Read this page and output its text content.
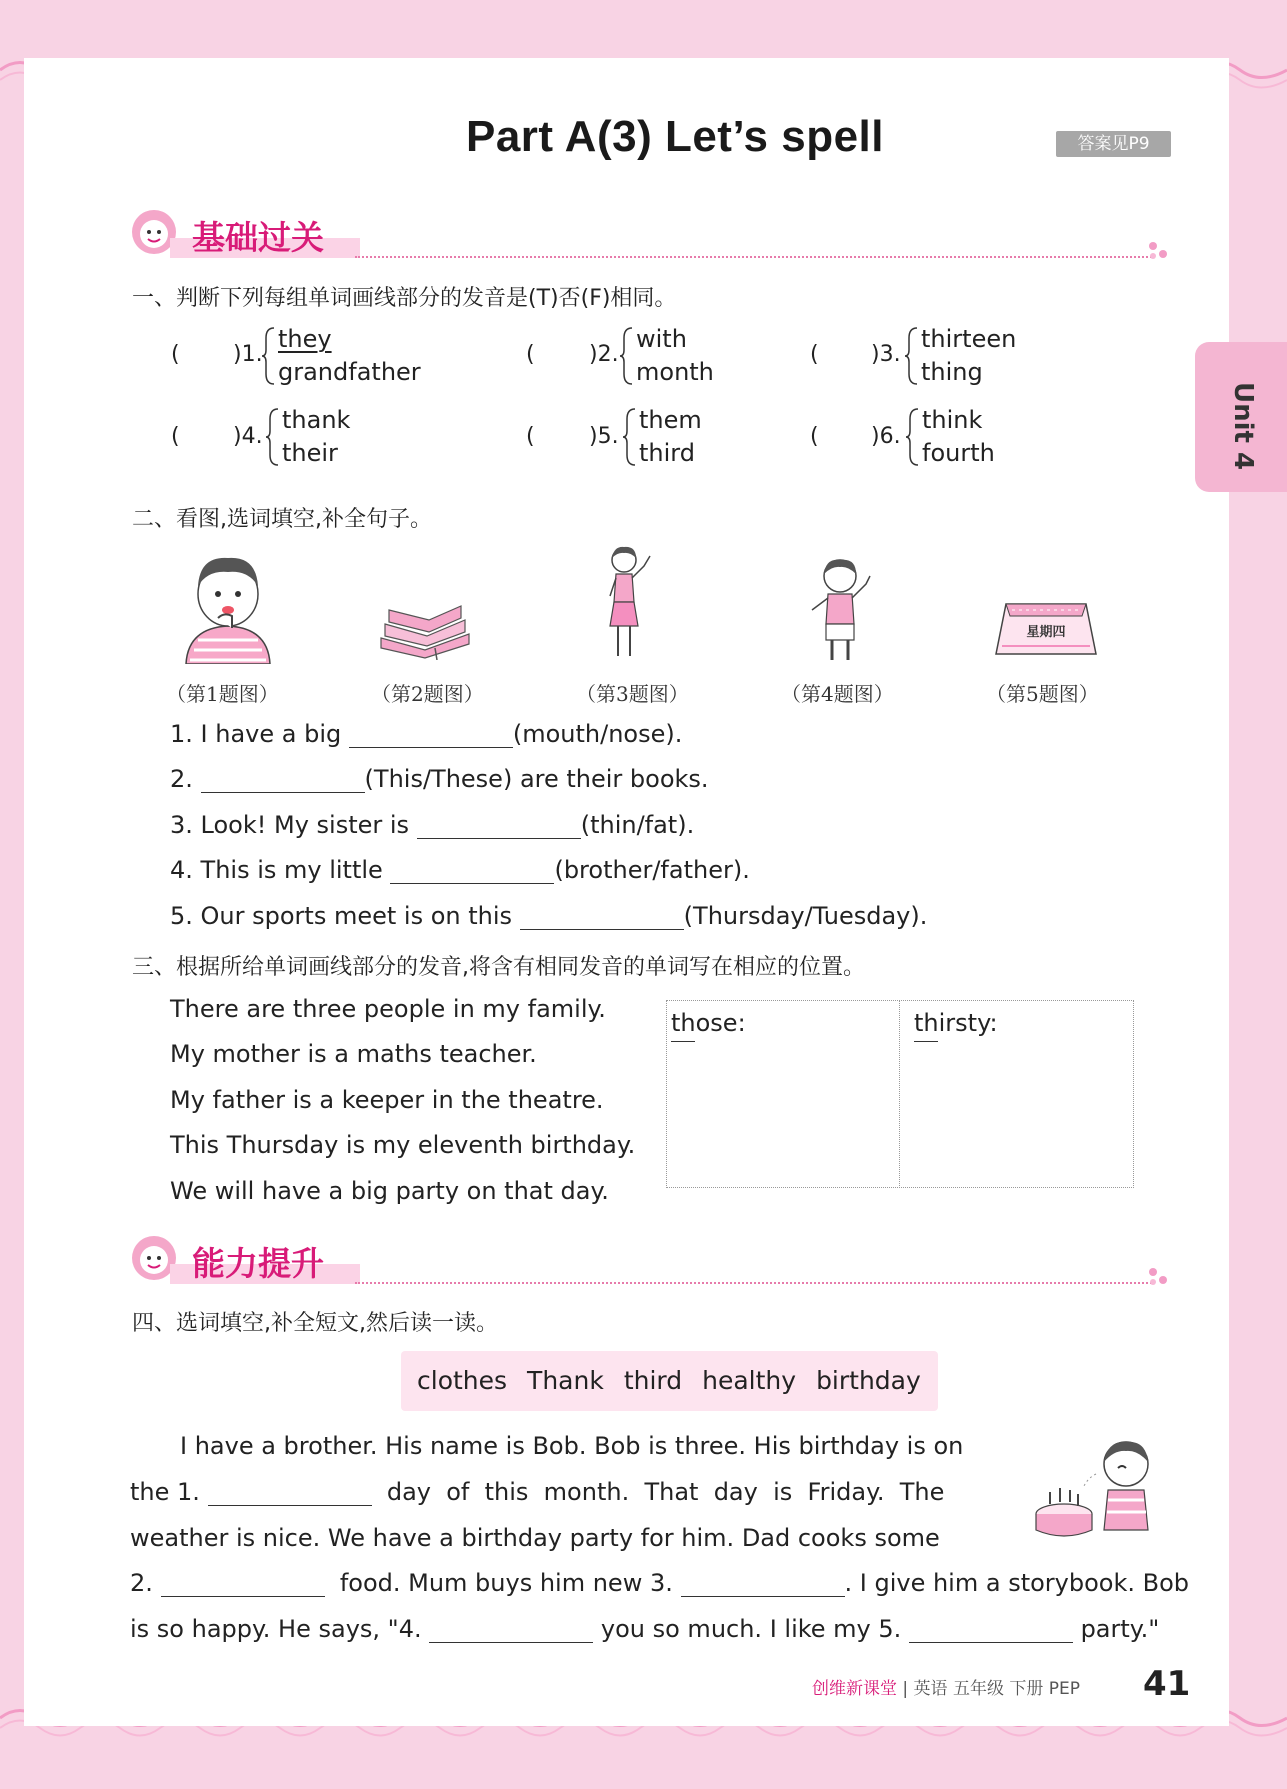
Part A(3) Let’s spell	答案见P9
Unit 4
基础过关
一、判断下列每组单词画线部分的发音是(T)否(F)相同。
( )1.
they
grandfather
( )2.
with
month
( )3.
thirteen
thing
( )4.
thank
their
( )5.
them
third
( )6.
think
fourth
二、看图,选词填空,补全句子。
星期四
（第1题图）	（第2题图）	（第3题图）	（第4题图）	（第5题图）
1. I have a big	(mouth/nose).
2.	(This/These) are their books.
3. Look! My sister is	(thin/fat).
4. This is my little	(brother/father).
5. Our sports meet is on this	(Thursday/Tuesday).
三、根据所给单词画线部分的发音,将含有相同发音的单词写在相应的位置。
There are three people in my family.
My mother is a maths teacher.
My father is a keeper in the theatre.
This Thursday is my eleventh birthday.
We will have a big party on that day.
those:	thirsty:
能力提升
四、选词填空,补全短文,然后读一读。
clothes Thank third healthy birthday
I have a brother. His name is Bob. Bob is three. His birthday is on
the 1.	day  of  this  month.  That  day  is  Friday.  The
weather is nice. We have a birthday party for him. Dad cooks some
2.	food. Mum buys him new 3.	. I give him a storybook. Bob
is so happy. He says, "4.	you so much. I like my 5.	party."
创维新课堂 | 英语 五年级 下册 PEP 41
